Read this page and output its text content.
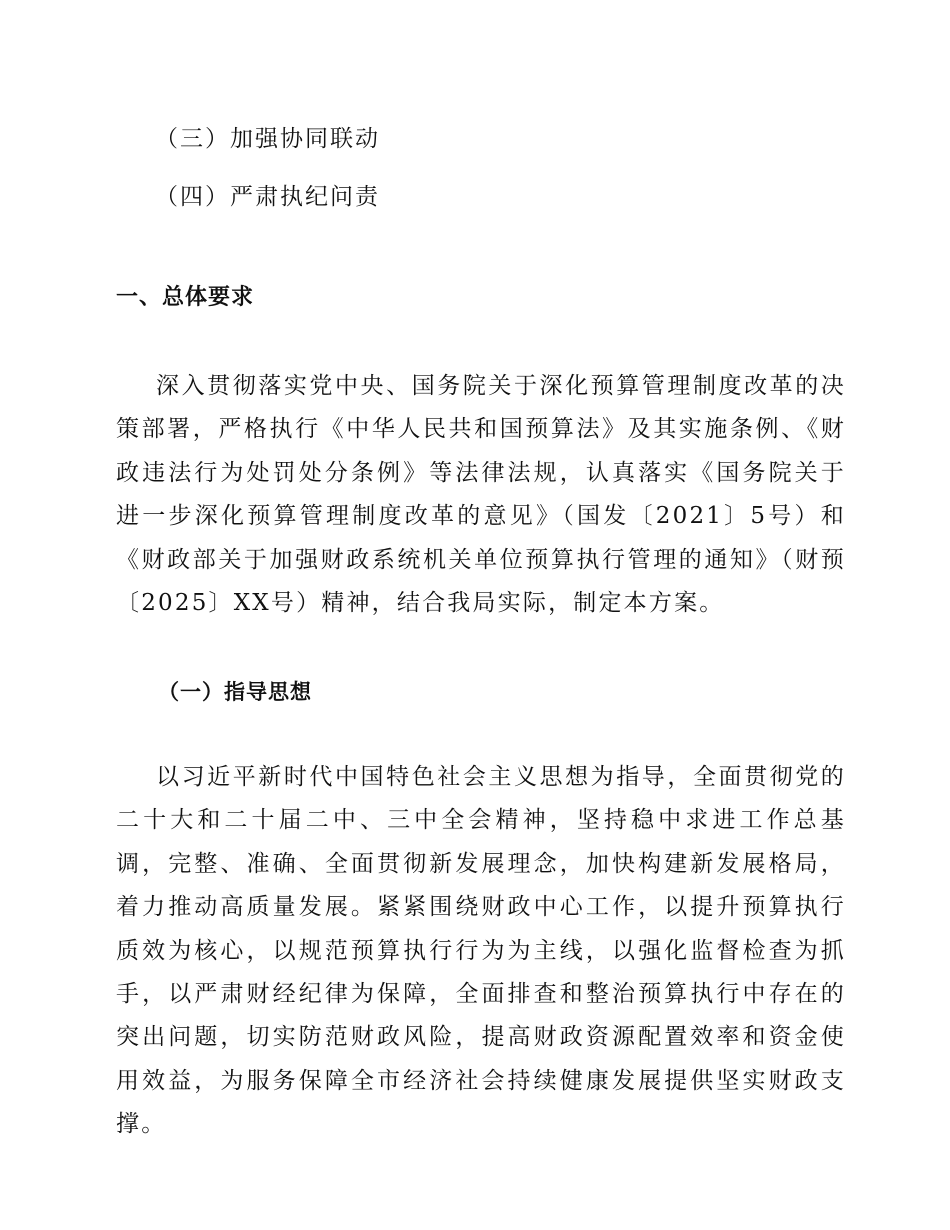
（三）加强协同联动
（四）严肃执纪问责
一、总体要求

深入贯彻落实党中央、国务院关于深化预算管理制度改革的决策部署，严格执行《中华人民共和国预算法》及其实施条例、《财政违法行为处罚处分条例》等法律法规，认真落实《国务院关于进一步深化预算管理制度改革的意见》（国发〔2021〕5号）和《财政部关于加强财政系统机关单位预算执行管理的通知》（财预〔2025〕XX号）精神，结合我局实际，制定本方案。

（一）指导思想

以习近平新时代中国特色社会主义思想为指导，全面贯彻党的二十大和二十届二中、三中全会精神，坚持稳中求进工作总基调，完整、准确、全面贯彻新发展理念，加快构建新发展格局，着力推动高质量发展。紧紧围绕财政中心工作，以提升预算执行质效为核心，以规范预算执行行为为主线，以强化监督检查为抓手，以严肃财经纪律为保障，全面排查和整治预算执行中存在的突出问题，切实防范财政风险，提高财政资源配置效率和资金使用效益，为服务保障全市经济社会持续健康发展提供坚实财政支撑。
